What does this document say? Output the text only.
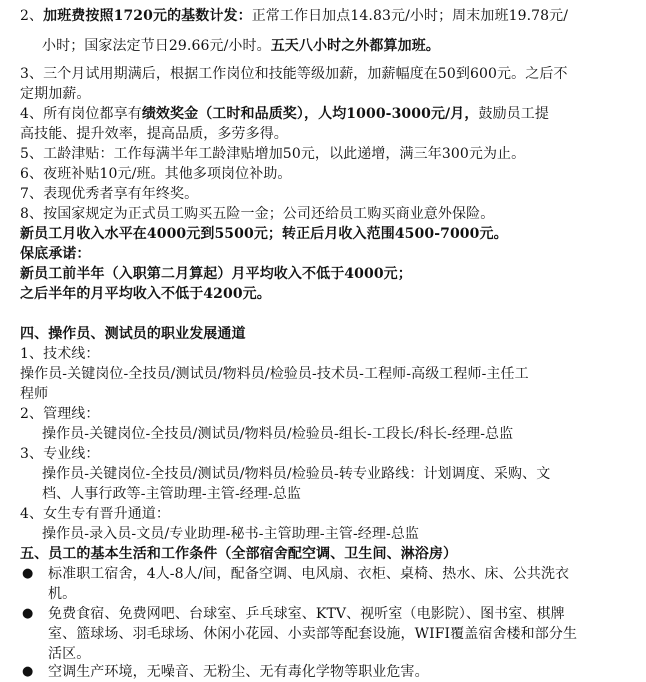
2、加班费按照1720元的基数计发：正常工作日加点14.83元/小时；周末加班19.78元/
小时；国家法定节日29.66元/小时。五天八小时之外都算加班。
3、三个月试用期满后，根据工作岗位和技能等级加薪，加薪幅度在50到600元。之后不
定期加薪。
4、所有岗位都享有绩效奖金（工时和品质奖），人均1000-3000元/月，鼓励员工提
高技能、提升效率，提高品质，多劳多得。
5、工龄津贴：工作每满半年工龄津贴增加50元，以此递增，满三年300元为止。
6、夜班补贴10元/班。其他多项岗位补助。
7、表现优秀者享有年终奖。
8、按国家规定为正式员工购买五险一金；公司还给员工购买商业意外保险。
新员工月收入水平在4000元到5500元；转正后月收入范围4500-7000元。
保底承诺：
新员工前半年（入职第二月算起）月平均收入不低于4000元；
之后半年的月平均收入不低于4200元。
四、操作员、测试员的职业发展通道
1、技术线：
操作员-关键岗位-全技员/测试员/物料员/检验员-技术员-工程师-高级工程师-主任工
程师
2、管理线：
操作员-关键岗位-全技员/测试员/物料员/检验员-组长-工段长/科长-经理-总监
3、专业线：
操作员-关键岗位-全技员/测试员/物料员/检验员-转专业路线：计划调度、采购、文
档、人事行政等-主管助理-主管-经理-总监
4、女生专有晋升通道：
操作员-录入员-文员/专业助理-秘书-主管助理-主管-经理-总监
五、员工的基本生活和工作条件（全部宿舍配空调、卫生间、淋浴房）
● 标准职工宿舍，4人-8人/间，配备空调、电风扇、衣柜、桌椅、热水、床、公共洗衣
机。
● 免费食宿、免费网吧、台球室、乒乓球室、KTV、视听室（电影院）、图书室、棋牌
室、篮球场、羽毛球场、休闲小花园、小卖部等配套设施，WIFI覆盖宿舍楼和部分生
活区。
● 空调生产环境，无噪音、无粉尘、无有毒化学物等职业危害。
